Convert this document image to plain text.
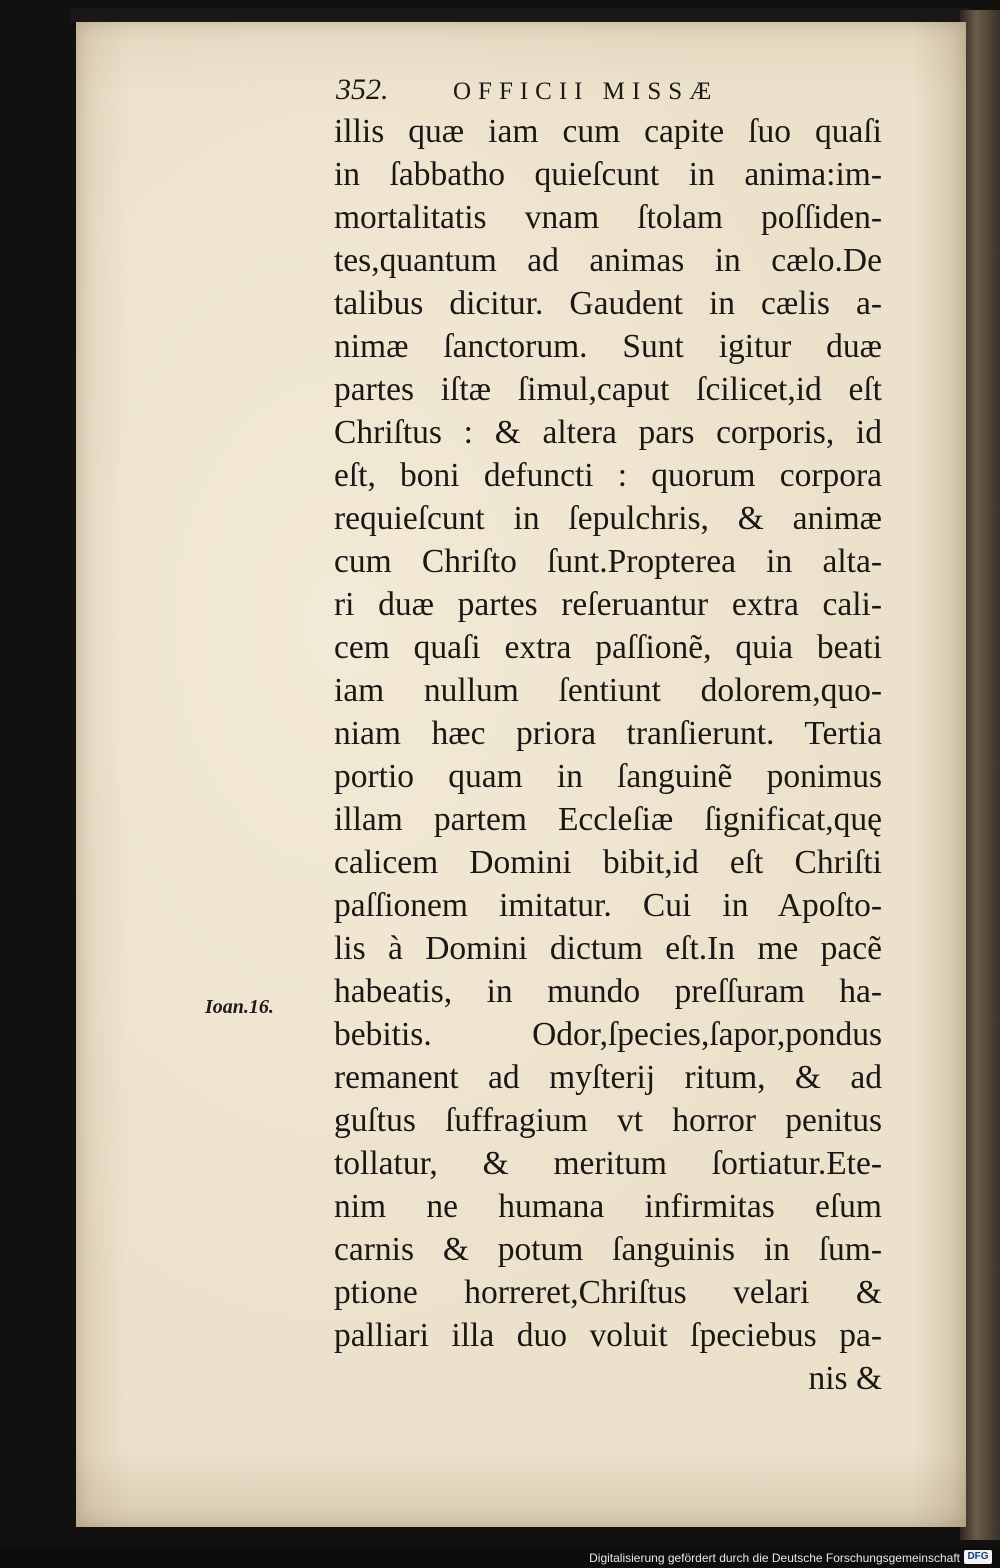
352.	OFFICII MISSÆ
Ioan.16.
illis quæ iam cum capite ſuo quaſi
in ſabbatho quieſcunt in anima:im-
mortalitatis vnam ſtolam poſſiden-
tes,quantum ad animas in cælo.De
talibus dicitur. Gaudent in cælis a-
nimæ ſanctorum. Sunt igitur duæ
partes iſtæ ſimul,caput ſcilicet,id eſt
Chriſtus : & altera pars corporis, id
eſt, boni defuncti : quorum corpora
requieſcunt in ſepulchris, & animæ
cum Chriſto ſunt.Propterea in alta-
ri duæ partes reſeruantur extra cali-
cem quaſi extra paſſionẽ, quia beati
iam nullum ſentiunt dolorem,quo-
niam hæc priora tranſierunt. Tertia
portio quam in ſanguinẽ ponimus
illam partem Eccleſiæ ſignificat,quę
calicem Domini bibit,id eſt Chriſti
paſſionem imitatur. Cui in Apoſto-
lis à Domini dictum eſt.In me pacẽ
habeatis, in mundo preſſuram ha-
bebitis. Odor,ſpecies,ſapor,pondus
remanent ad myſterij ritum, & ad
guſtus ſuffragium vt horror penitus
tollatur, & meritum ſortiatur.Ete-
nim ne humana infirmitas eſum
carnis & potum ſanguinis in ſum-
ptione horreret,Chriſtus velari &
palliari illa duo voluit ſpeciebus pa-
nis &
Digitalisierung gefördert durch die Deutsche Forschungsgemeinschaft DFG
